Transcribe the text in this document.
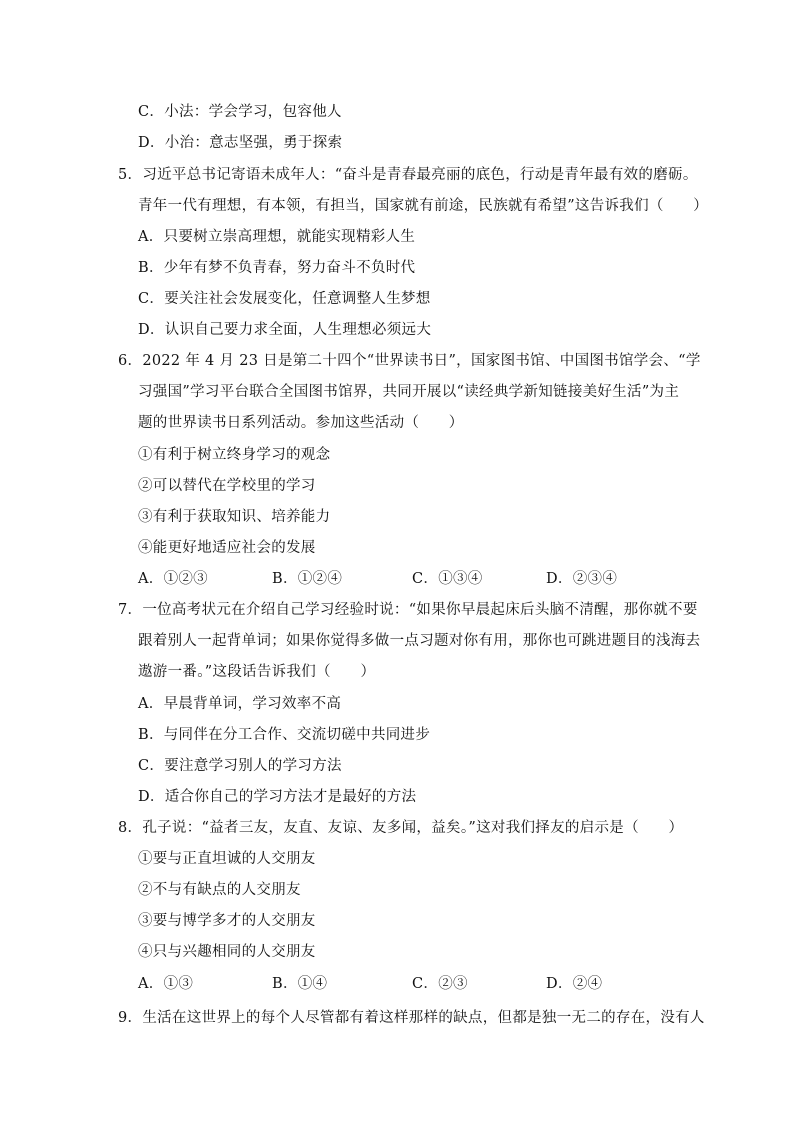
C．小法：学会学习，包容他人
D．小治：意志坚强，勇于探索
5．习近平总书记寄语未成年人：“奋斗是青春最亮丽的底色，行动是青年最有效的磨砺。
青年一代有理想，有本领，有担当，国家就有前途，民族就有希望”这告诉我们（　　）
A．只要树立崇高理想，就能实现精彩人生
B．少年有梦不负青春，努力奋斗不负时代
C．要关注社会发展变化，任意调整人生梦想
D．认识自己要力求全面，人生理想必须远大
6．2022 年 4 月 23 日是第二十四个“世界读书日”，国家图书馆、中国图书馆学会、“学
习强国”学习平台联合全国图书馆界，共同开展以“读经典学新知链接美好生活”为主
题的世界读书日系列活动。参加这些活动（　　）
①有利于树立终身学习的观念
②可以替代在学校里的学习
③有利于获取知识、培养能力
④能更好地适应社会的发展
A．①②③	B．①②④	C．①③④	D．②③④
7．一位高考状元在介绍自己学习经验时说：“如果你早晨起床后头脑不清醒，那你就不要
跟着别人一起背单词；如果你觉得多做一点习题对你有用，那你也可跳进题目的浅海去
遨游一番。”这段话告诉我们（　　）
A．早晨背单词，学习效率不高
B．与同伴在分工合作、交流切磋中共同进步
C．要注意学习别人的学习方法
D．适合你自己的学习方法才是最好的方法
8．孔子说：“益者三友，友直、友谅、友多闻，益矣。”这对我们择友的启示是（　　）
①要与正直坦诚的人交朋友
②不与有缺点的人交朋友
③要与博学多才的人交朋友
④只与兴趣相同的人交朋友
A．①③	B．①④	C．②③	D．②④
9．生活在这世界上的每个人尽管都有着这样那样的缺点，但都是独一无二的存在，没有人
